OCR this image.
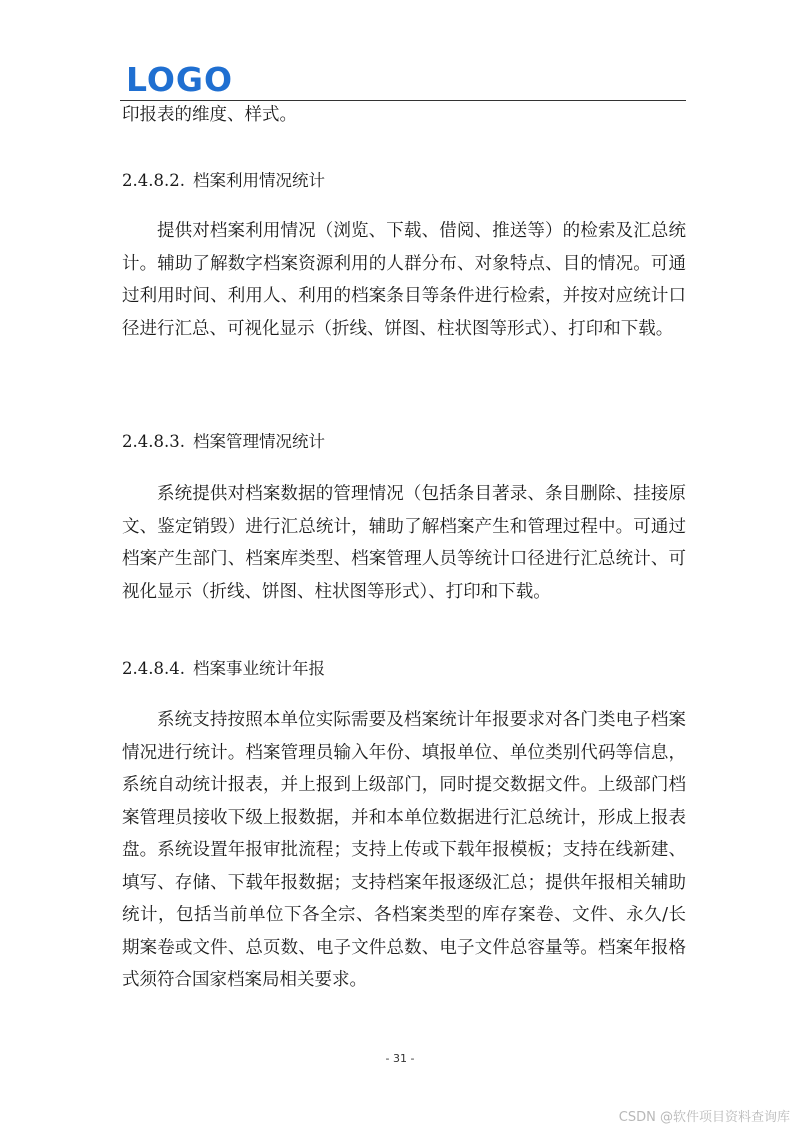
LOGO

印报表的维度、样式。

2.4.8.2. 档案利用情况统计

提供对档案利用情况（浏览、下载、借阅、推送等）的检索及汇总统计。辅助了解数字档案资源利用的人群分布、对象特点、目的情况。可通过利用时间、利用人、利用的档案条目等条件进行检索，并按对应统计口径进行汇总、可视化显示（折线、饼图、柱状图等形式）、打印和下载。

2.4.8.3. 档案管理情况统计

系统提供对档案数据的管理情况（包括条目著录、条目删除、挂接原文、鉴定销毁）进行汇总统计，辅助了解档案产生和管理过程中。可通过档案产生部门、档案库类型、档案管理人员等统计口径进行汇总统计、可视化显示（折线、饼图、柱状图等形式）、打印和下载。

2.4.8.4. 档案事业统计年报

系统支持按照本单位实际需要及档案统计年报要求对各门类电子档案情况进行统计。档案管理员输入年份、填报单位、单位类别代码等信息，系统自动统计报表，并上报到上级部门，同时提交数据文件。上级部门档案管理员接收下级上报数据，并和本单位数据进行汇总统计，形成上报表盘。系统设置年报审批流程；支持上传或下载年报模板；支持在线新建、填写、存储、下载年报数据；支持档案年报逐级汇总；提供年报相关辅助统计，包括当前单位下各全宗、各档案类型的库存案卷、文件、永久/长期案卷或文件、总页数、电子文件总数、电子文件总容量等。档案年报格式须符合国家档案局相关要求。

- 31 -
CSDN @软件项目资料查询库
